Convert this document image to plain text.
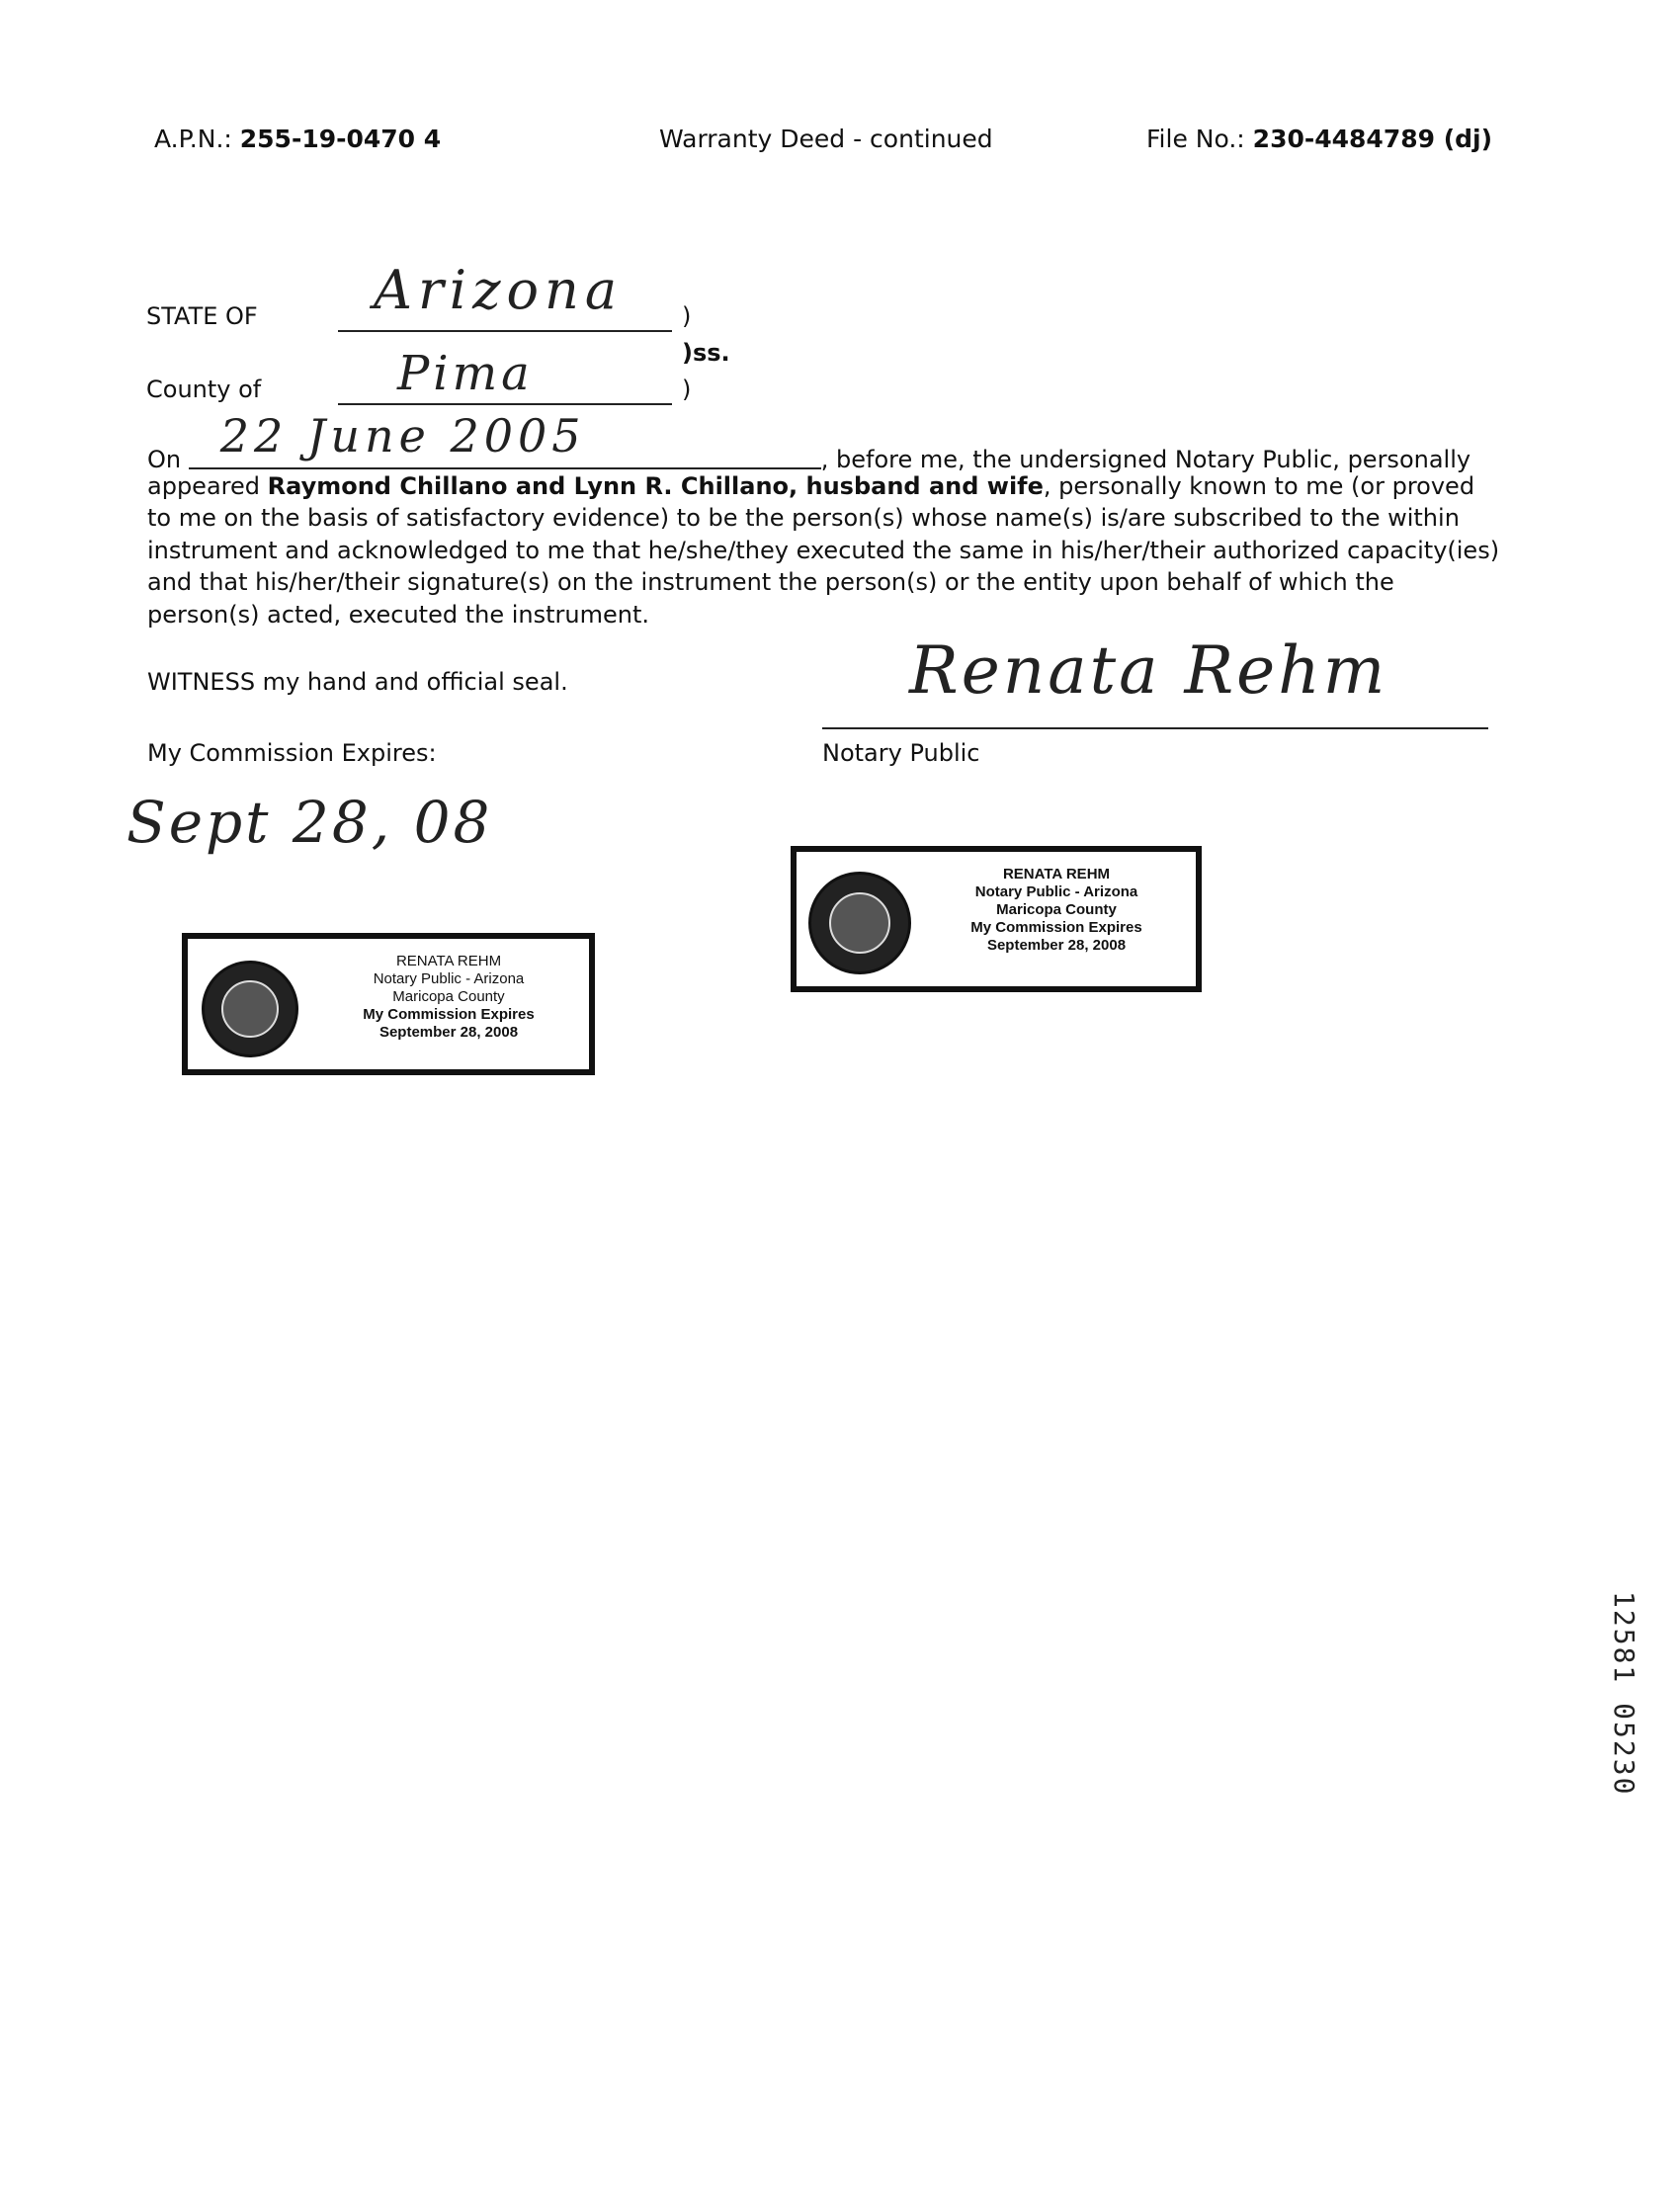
A.P.N.: 255-19-0470 4	Warranty Deed - continued	File No.: 230-4484789 (dj)
STATE OF Arizona )
)ss.
County of	Pima	)
On 22 June 2005	, before me, the undersigned Notary Public, personally
appeared Raymond Chillano and Lynn R. Chillano, husband and wife, personally known to me (or proved
to me on the basis of satisfactory evidence) to be the person(s) whose name(s) is/are subscribed to the within
instrument and acknowledged to me that he/she/they executed the same in his/her/their authorized capacity(ies)
and that his/her/their signature(s) on the instrument the person(s) or the entity upon behalf of which the
person(s) acted, executed the instrument.
WITNESS my hand and official seal.	Renata Rehm
Notary Public
My Commission Expires:
Sept 28, 08
RENATA REHM
Notary Public - Arizona
Maricopa County
My Commission Expires
September 28, 2008
RENATA REHM
Notary Public - Arizona
Maricopa County
My Commission Expires
September 28, 2008
12581 05230
